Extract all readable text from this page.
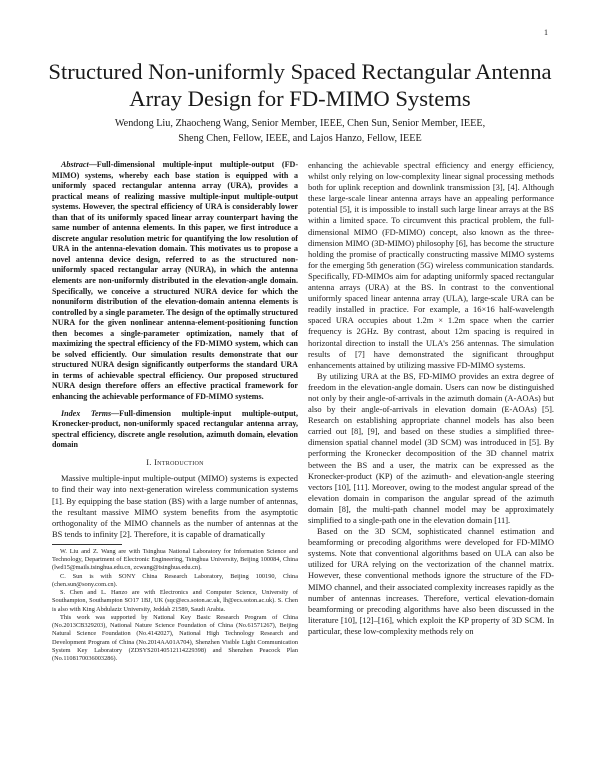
1
Structured Non-uniformly Spaced Rectangular Antenna Array Design for FD-MIMO Systems
Wendong Liu, Zhaocheng Wang, Senior Member, IEEE, Chen Sun, Senior Member, IEEE,
Sheng Chen, Fellow, IEEE, and Lajos Hanzo, Fellow, IEEE

Abstract—Full-dimensional multiple-input multiple-output (FD-MIMO) systems, whereby each base station is equipped with a uniformly spaced rectangular antenna array (URA), provides a practical means of realizing massive multiple-input multiple-output systems. However, the spectral efficiency of URA is considerably lower than that of its uniformly spaced linear array counterpart having the same number of antenna elements. In this paper, we first introduce a discrete angular resolution metric for quantifying the low resolution of URA in the antenna-elevation domain. This motivates us to propose a novel antenna device design, referred to as the structured non-uniformly spaced rectangular array (NURA), in which the antenna elements are non-uniformly distributed in the elevation-angle domain. Specifically, we conceive a structured NURA device for which the nonuniform distribution of the elevation-domain antenna elements is controlled by a single parameter. The design of the optimally structured NURA for the given nonlinear antenna-element-positioning function then becomes a single-parameter optimization, namely that of maximizing the spectral efficiency of the FD-MIMO system, which can be solved efficiently. Our simulation results demonstrate that our structured NURA design significantly outperforms the standard URA in terms of achievable spectral efficiency. Our proposed structured NURA design therefore offers an effective practical framework for enhancing the achievable performance of FD-MIMO systems.

Index Terms—Full-dimension multiple-input multiple-output, Kronecker-product, non-uniformly spaced rectangular antenna array, spectral efficiency, discrete angle resolution, azimuth domain, elevation domain

I. Introduction

Massive multiple-input multiple-output (MIMO) systems is expected to find their way into next-generation wireless communication systems [1]. By equipping the base station (BS) with a large number of antennas, the resultant massive MIMO system benefits from the asymptotic orthogonality of the MIMO channels as the number of antennas at the BS tends to infinity [2]. Therefore, it is capable of dramatically

W. Liu and Z. Wang are with Tsinghua National Laboratory for Information Science and Technology, Department of Electronic Engineering, Tsinghua University, Beijing 100084, China (lwd15@mails.tsinghua.edu.cn, zcwang@tsinghua.edu.cn).

C. Sun is with SONY China Research Laboratory, Beijing 100190, China (chen.sun@sony.com.cn).

S. Chen and L. Hanzo are with Electronics and Computer Science, University of Southampton, Southampton SO17 1BJ, UK (sqc@ecs.soton.ac.uk, lh@ecs.soton.ac.uk). S. Chen is also with King Abdulaziz University, Jeddah 21589, Saudi Arabia.

This work was supported by National Key Basic Research Program of China (No.2013CB329203), National Nature Science Foundation of China (No.61571267), Beijing Natural Science Foundation (No.4142027), National High Technology Research and Development Program of China (No.2014AA01A704), Shenzhen Visible Light Communication System Key Laboratory (ZDSYS20140512114229398) and Shenzhen Peacock Plan (No.1108170036003286).

enhancing the achievable spectral efficiency and energy efficiency, whilst only relying on low-complexity linear signal processing methods both for uplink reception and downlink transmission [3], [4]. Although these large-scale linear antenna arrays have an appealing performance potential [5], it is impossible to install such large linear arrays at the BS within a limited space. To circumvent this practical problem, the full-dimensional MIMO (FD-MIMO) concept, also known as the three-dimension MIMO (3D-MIMO) philosophy [6], has become the structure holding the promise of practically constructing massive MIMO systems for the emerging 5th generation (5G) wireless communication standards. Specifically, FD-MIMOs aim for adapting uniformly spaced rectangular antenna arrays (URA) at the BS. In contrast to the conventional uniformly spaced linear antenna array (ULA), large-scale URA can be readily installed in practice. For example, a 16×16 half-wavelength spaced URA occupies about 1.2m × 1.2m space when the carrier frequency is 2GHz. By contrast, about 12m spacing is required in horizontal direction to install the ULA's 256 antennas. The simulation results of [7] have demonstrated the significant throughput enhancements attained by utilizing massive FD-MIMO systems.

By utilizing URA at the BS, FD-MIMO provides an extra degree of freedom in the elevation-angle domain. Users can now be distinguished not only by their angle-of-arrivals in the azimuth domain (A-AOAs) but also by their angle-of-arrivals in elevation domain (E-AOAs) [5]. Research on establishing appropriate channel models has also been carried out [8], [9], and based on these studies a simplified three-dimension spatial channel model (3D SCM) was introduced in [5]. By performing the Kronecker decomposition of the 3D channel matrix between the BS and a user, the matrix can be expressed as the Kronecker-product (KP) of the azimuth- and elevation-angle steering vectors [10], [11]. Moreover, owing to the modest angular spread of the elevation domain in comparison the angular spread of the azimuth domain [8], the multi-path channel model may be approximately simplified to a single-path one in the elevation domain [11].

Based on the 3D SCM, sophisticated channel estimation and beamforming or precoding algorithms were developed for FD-MIMO systems. Note that conventional algorithms based on ULA can also be utilized for URA relying on the vectorization of the channel matrix. However, these conventional methods ignore the structure of the FD-MIMO channel, and their associated complexity increases rapidly as the number of antennas increases. Therefore, vertical elevation-domain beamforming or precoding algorithms have also been discussed in the literature [10], [12]–[16], which exploit the KP property of 3D SCM. In particular, these low-complexity methods rely on
